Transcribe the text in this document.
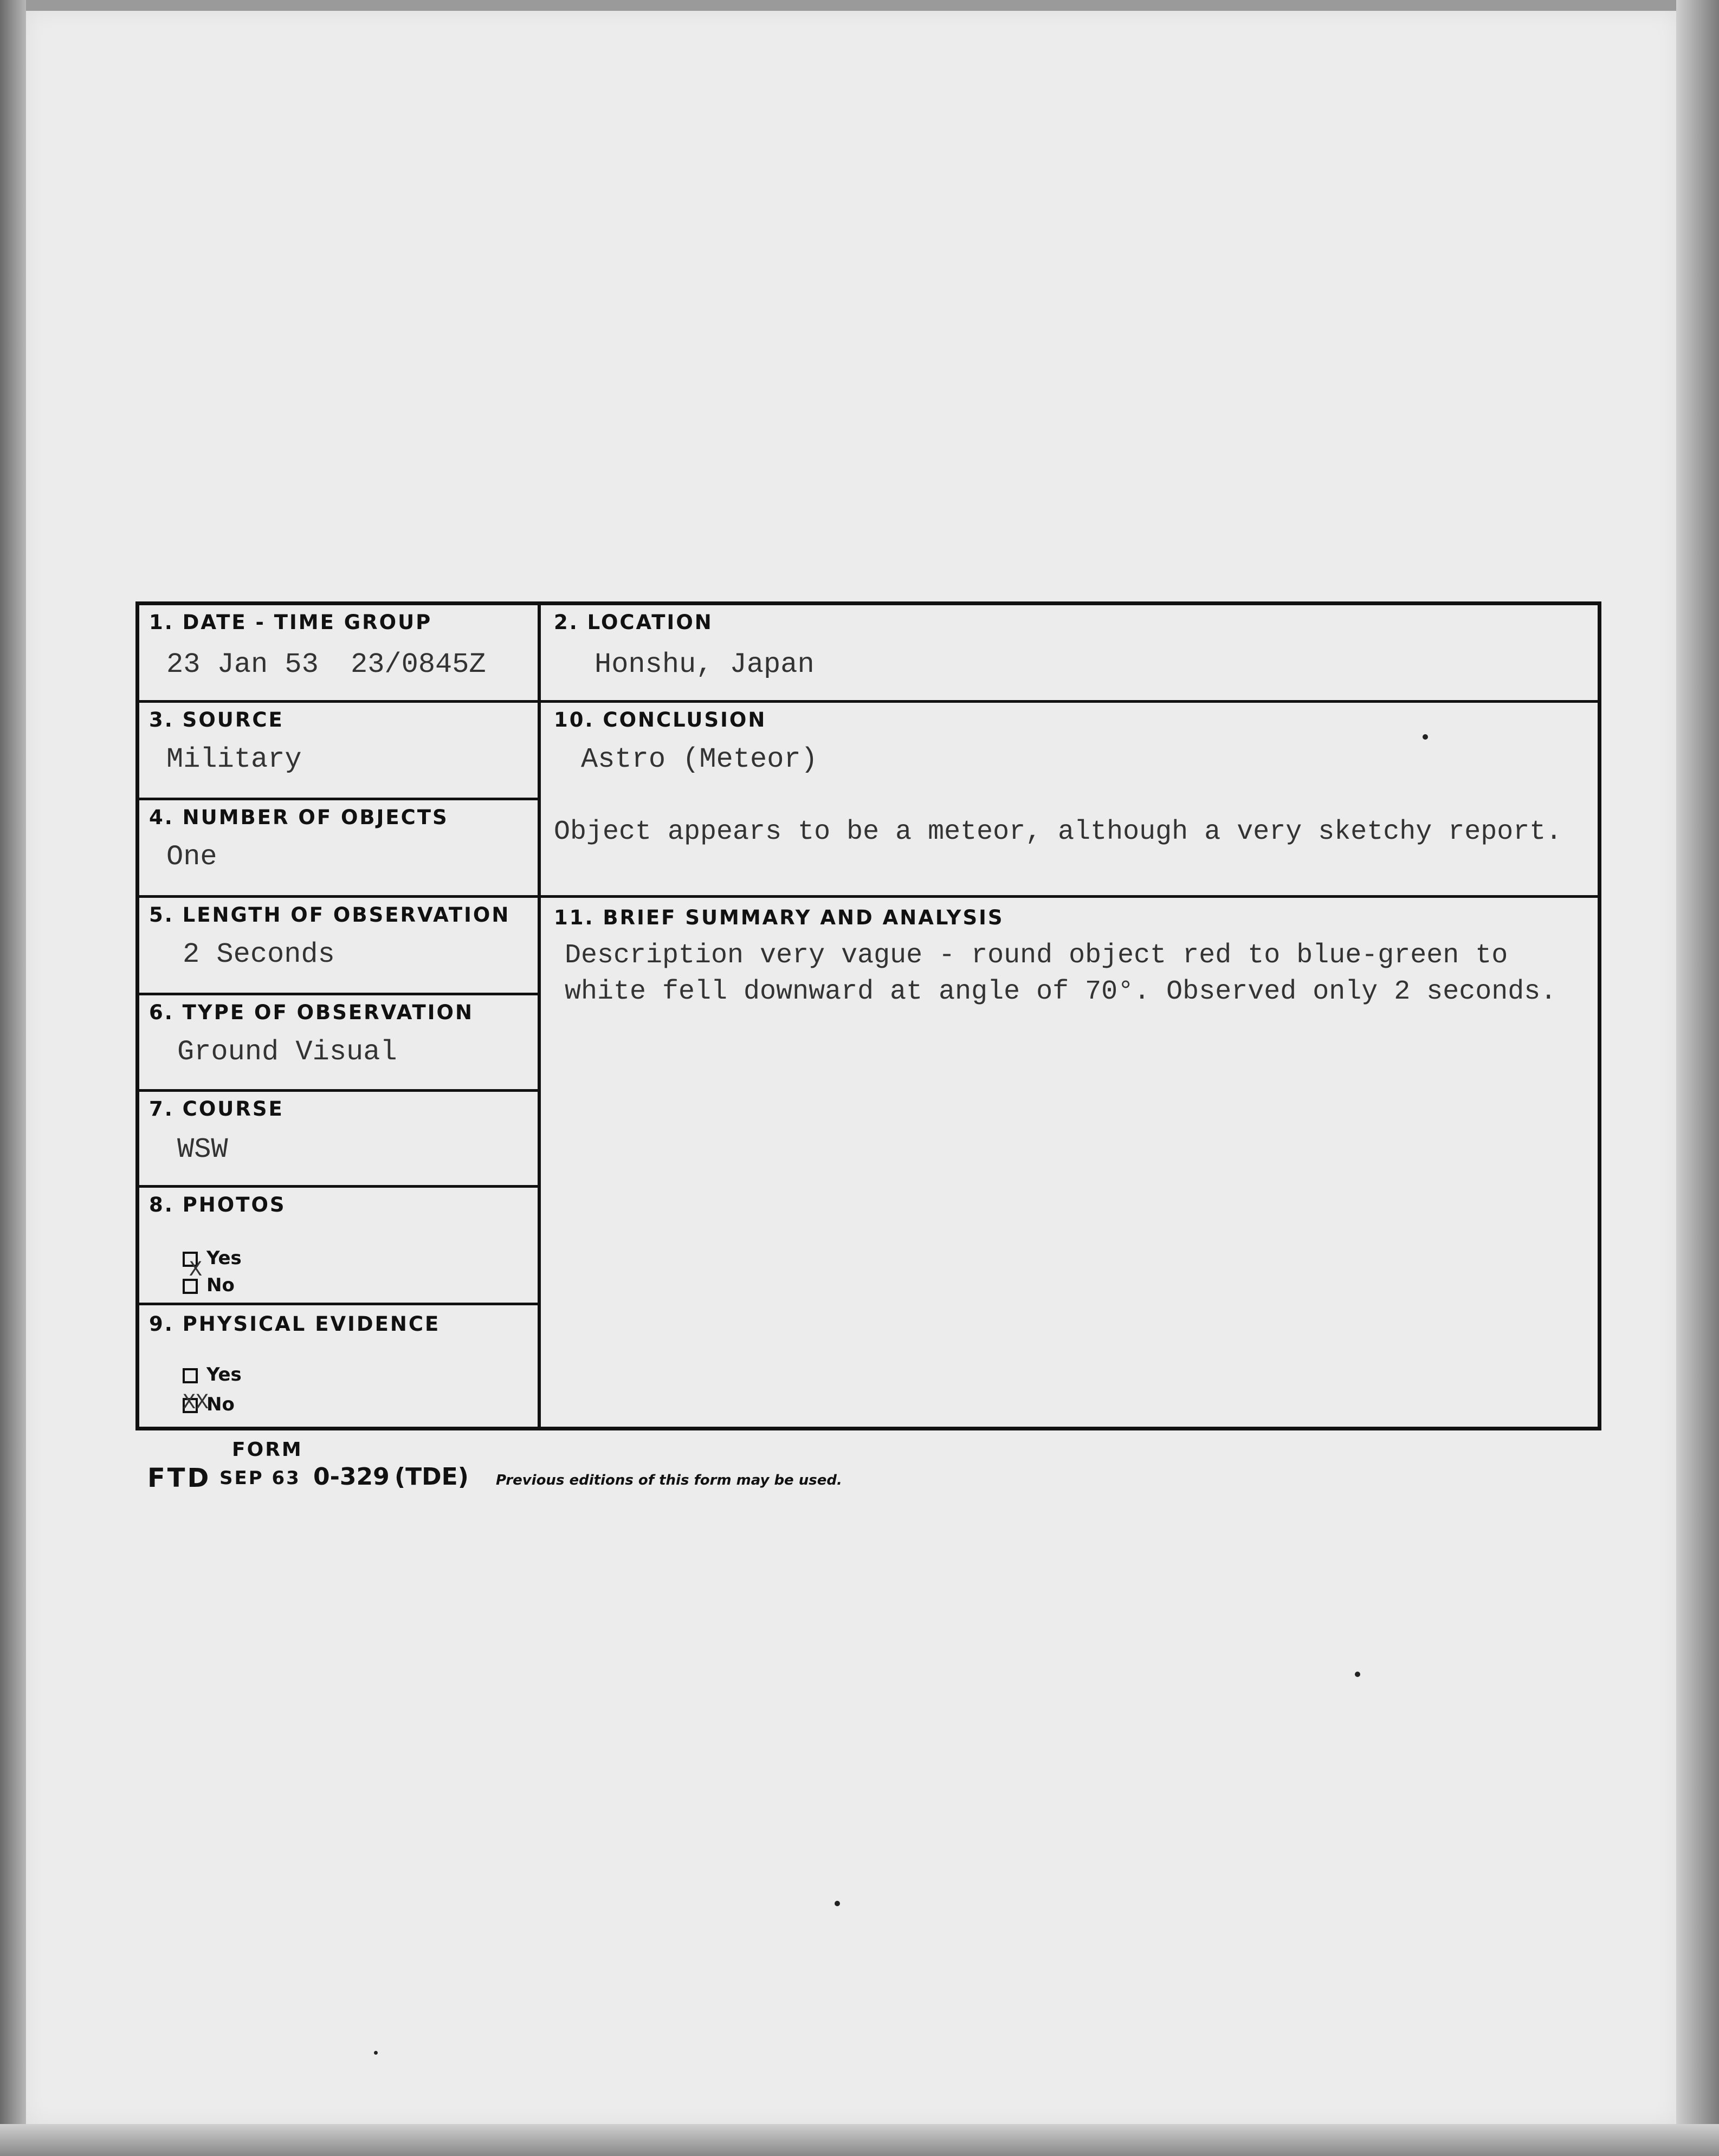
1. DATE - TIME GROUP
23 Jan 53 23/0845Z
2. LOCATION
Honshu, Japan
3. SOURCE
Military
10. CONCLUSION
Astro (Meteor)
Object appears to be a meteor, although a very sketchy report.
4. NUMBER OF OBJECTS
One
5. LENGTH OF OBSERVATION
2 Seconds
11. BRIEF SUMMARY AND ANALYSIS
Description very vague - round object red to blue-green to
white fell downward at angle of 70°. Observed only 2 seconds.
6. TYPE OF OBSERVATION
Ground Visual
7. COURSE
WSW
8. PHOTOS
Yes
No
X
9. PHYSICAL EVIDENCE
Yes
No
XX
FORM
FTD SEP 63 0-329 (TDE) Previous editions of this form may be used.
